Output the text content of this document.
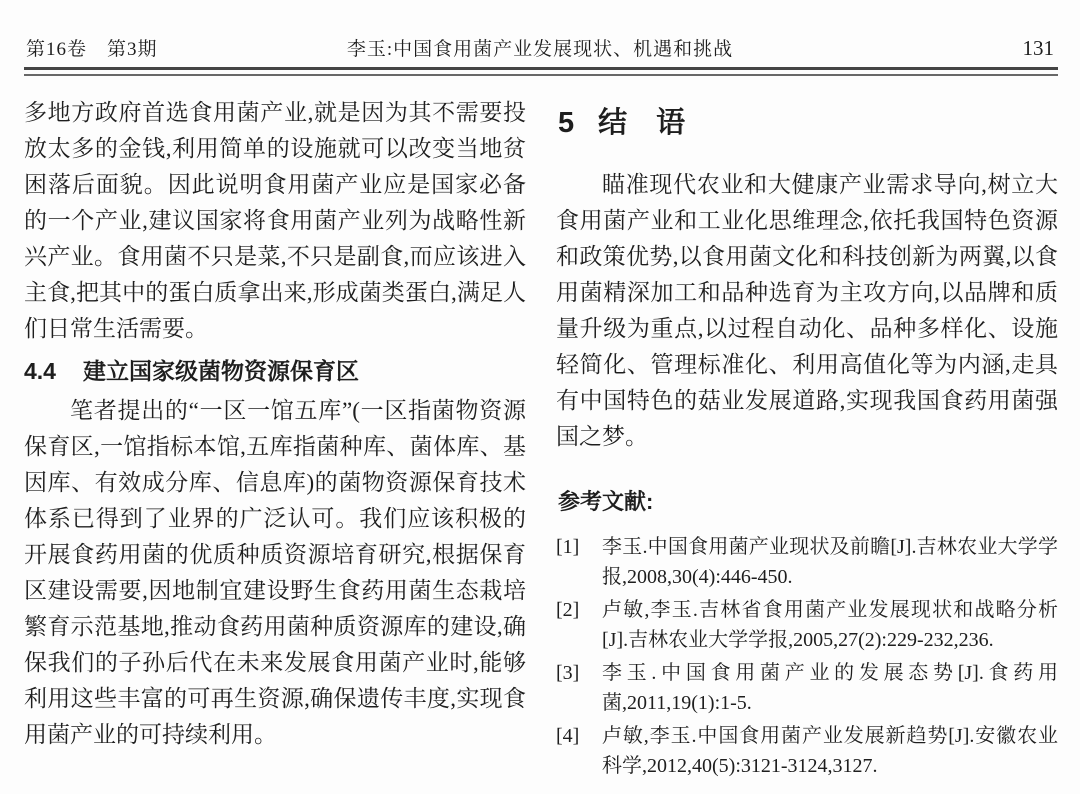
第16卷　第3期	李玉:中国食用菌产业发展现状、机遇和挑战	131

多地方政府首选食用菌产业,就是因为其不需要投放太多的金钱,利用简单的设施就可以改变当地贫困落后面貌。因此说明食用菌产业应是国家必备的一个产业,建议国家将食用菌产业列为战略性新兴产业。食用菌不只是菜,不只是副食,而应该进入主食,把其中的蛋白质拿出来,形成菌类蛋白,满足人们日常生活需要。

4.4 建立国家级菌物资源保育区

笔者提出的“一区一馆五库”(一区指菌物资源保育区,一馆指标本馆,五库指菌种库、菌体库、基因库、有效成分库、信息库)的菌物资源保育技术体系已得到了业界的广泛认可。我们应该积极的开展食药用菌的优质种质资源培育研究,根据保育区建设需要,因地制宜建设野生食药用菌生态栽培繁育示范基地,推动食药用菌种质资源库的建设,确保我们的子孙后代在未来发展食用菌产业时,能够利用这些丰富的可再生资源,确保遗传丰度,实现食用菌产业的可持续利用。

5 结　语

瞄准现代农业和大健康产业需求导向,树立大食用菌产业和工业化思维理念,依托我国特色资源和政策优势,以食用菌文化和科技创新为两翼,以食用菌精深加工和品种选育为主攻方向,以品牌和质量升级为重点,以过程自动化、品种多样化、设施轻简化、管理标准化、利用高值化等为内涵,走具有中国特色的菇业发展道路,实现我国食药用菌强国之梦。

参考文献:
[1]	李玉.中国食用菌产业现状及前瞻[J].吉林农业大学学报,2008,30(4):446-450.
[2]	卢敏,李玉.吉林省食用菌产业发展现状和战略分析[J].吉林农业大学学报,2005,27(2):229-232,236.
[3]	李玉.中国食用菌产业的发展态势[J].食药用菌,2011,19(1):1-5.
[4]	卢敏,李玉.中国食用菌产业发展新趋势[J].安徽农业科学,2012,40(5):3121-3124,3127.
